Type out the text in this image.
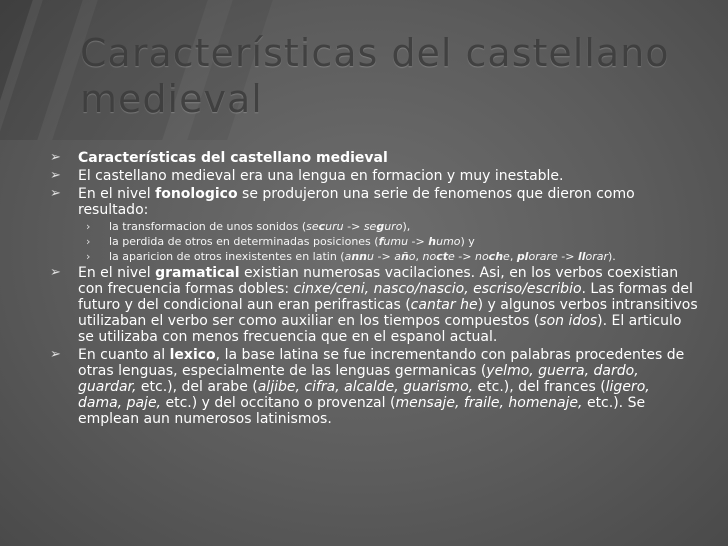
Características del castellano medieval
➢ Características del castellano medieval
➢ El castellano medieval era una lengua en formacion y muy inestable.
➢ En el nivel fonologico se produjeron una serie de fenomenos que dieron como resultado:
› la transformacion de unos sonidos (securu -> seguro),
› la perdida de otros en determinadas posiciones (fumu -> humo) y
› la aparicion de otros inexistentes en latin (annu -> año, nocte -> noche, plorare -> llorar).
➢ En el nivel gramatical existian numerosas vacilaciones. Asi, en los verbos coexistian con frecuencia formas dobles: cinxe/ceni, nasco/nascio, escriso/escribio. Las formas del futuro y del condicional aun eran perifrasticas (cantar he) y algunos verbos intransitivos utilizaban el verbo ser como auxiliar en los tiempos compuestos (son idos). El articulo se utilizaba con menos frecuencia que en el espanol actual.
➢ En cuanto al lexico, la base latina se fue incrementando con palabras procedentes de otras lenguas, especialmente de las lenguas germanicas (yelmo, guerra, dardo, guardar, etc.), del arabe (aljibe, cifra, alcalde, guarismo, etc.), del frances (ligero, dama, paje, etc.) y del occitano o provenzal (mensaje, fraile, homenaje, etc.). Se emplean aun numerosos latinismos.
